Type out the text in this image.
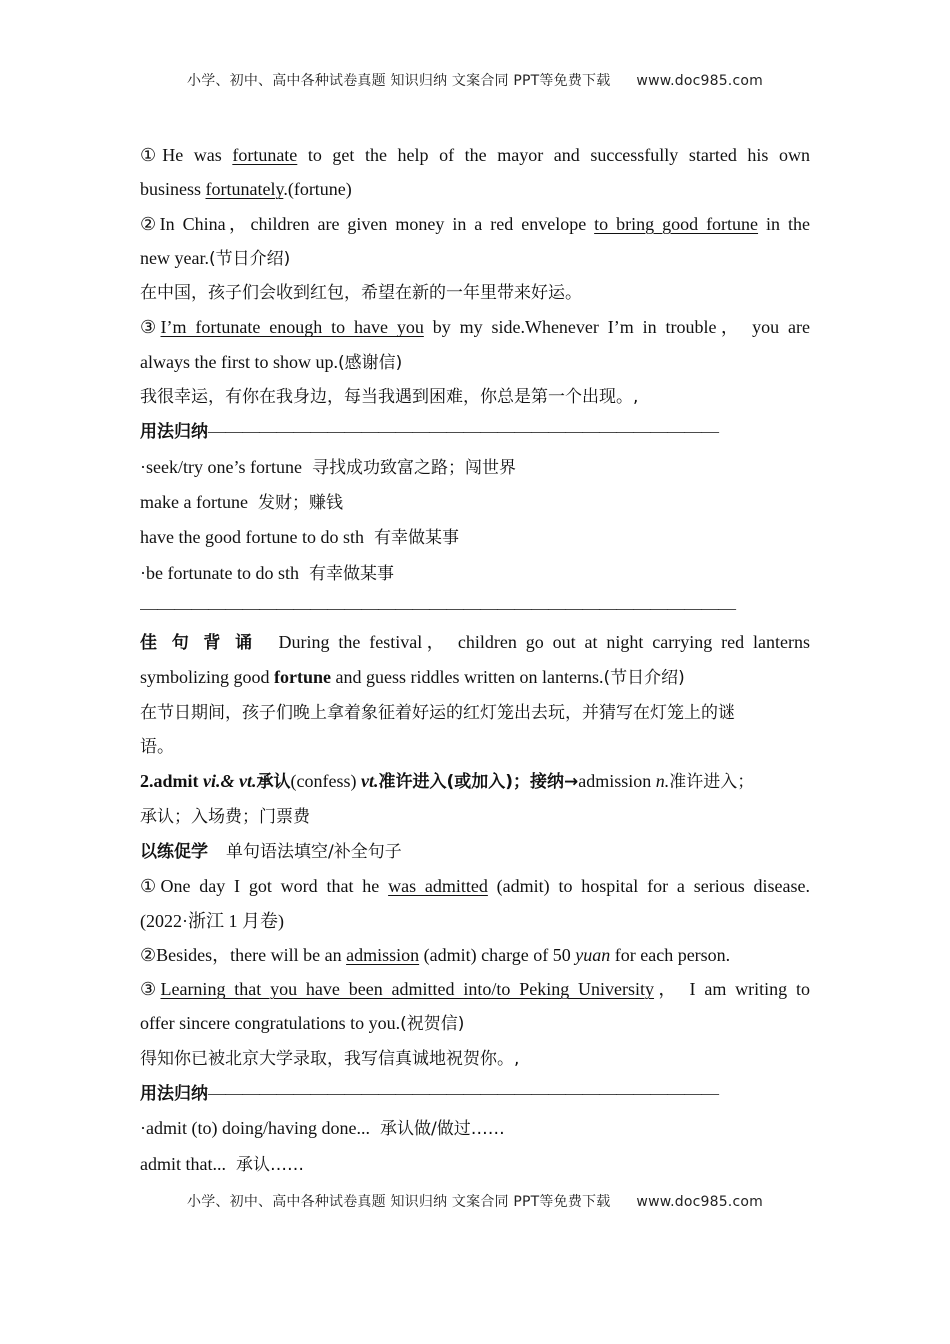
小学、初中、高中各种试卷真题 知识归纳 文案合同 PPT等免费下载 www.doc985.com
①He was fortunate to get the help of the mayor and successfully started his own
business fortunately.(fortune)
②In China，children are given money in a red envelope to bring good fortune in the
new year.(节日介绍)
在中国，孩子们会收到红包，希望在新的一年里带来好运。
③I’m fortunate enough to have you by my side.Whenever I’m in trouble， you are
always the first to show up.(感谢信)
我很幸运，有你在我身边，每当我遇到困难，你总是第一个出现。,
用法归纳——————————————————————————————
·seek/try one’s fortune 寻找成功致富之路；闯世界
make a fortune 发财；赚钱
have the good fortune to do sth 有幸做某事
·be fortunate to do sth 有幸做某事
———————————————————————————————————
佳 句 背 诵 During the festival， children go out at night carrying red lanterns
symbolizing good fortune and guess riddles written on lanterns.(节日介绍)
在节日期间，孩子们晚上拿着象征着好运的红灯笼出去玩，并猜写在灯笼上的谜
语。
2.admit vi.& vt.承认(confess) vt.准许进入(或加入)；接纳→admission n.准许进入；
承认；入场费；门票费
以练促学 单句语法填空/补全句子
①One day I got word that he was admitted (admit) to hospital for a serious disease.
(2022·浙江 1 月卷)
②Besides，there will be an admission (admit) charge of 50 yuan for each person.
③Learning that you have been admitted into/to Peking University， I am writing to
offer sincere congratulations to you.(祝贺信)
得知你已被北京大学录取，我写信真诚地祝贺你。,
用法归纳——————————————————————————————
·admit (to) doing/having done... 承认做/做过……
admit that... 承认……
小学、初中、高中各种试卷真题 知识归纳 文案合同 PPT等免费下载 www.doc985.com
